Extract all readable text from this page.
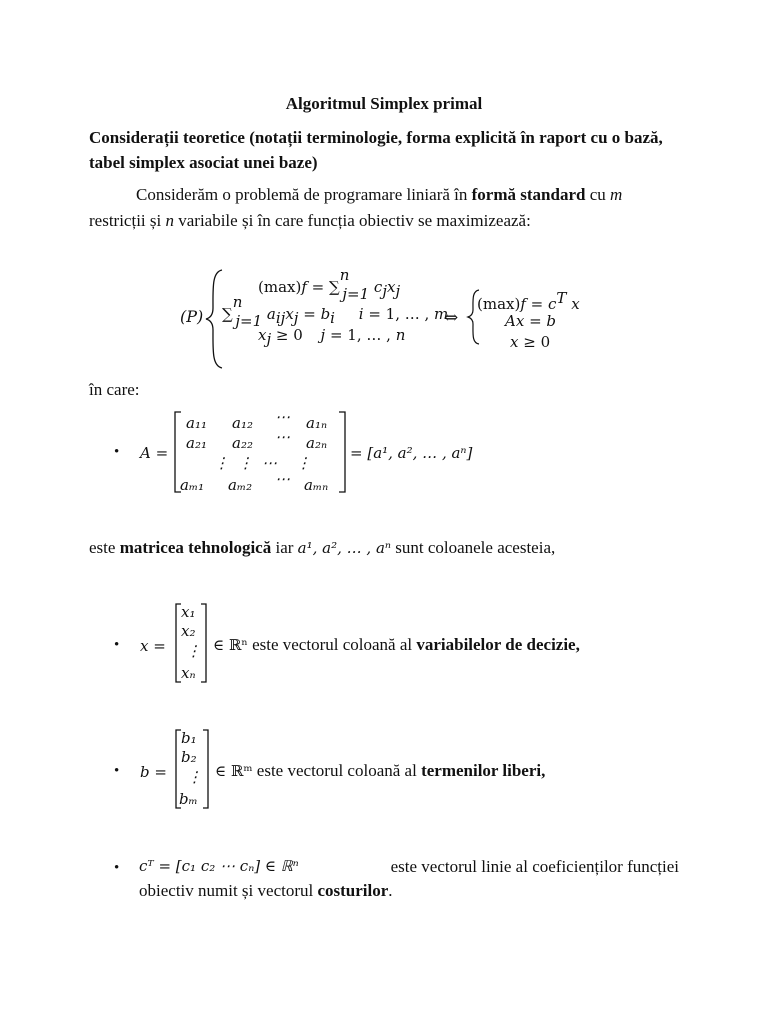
Algoritmul Simplex primal
Considerații teoretice (notații terminologie, forma explicită în raport cu o bază, tabel simplex asociat unei baze)
Considerăm o problemă de programare liniară în formă standard cu m
restricții și n variabile și în care funcția obiectiv se maximizează:
(P)
(max)f = ∑$^n_{j=1}$ $c_jx_j$
∑$^n_{j=1}$ $a_{ij}x_j = b_i$ i = 1, … , m
$x_j \ge 0$ j = 1, … , n
⇔
$(\max)f = c^T$ x
Ax = b
x ≥ 0
în care:
• A =
a₁₁ a₁₂ ⋯ a₁ₙ
a₂₁ a₂₂ ⋯ a₂ₙ
⋮ ⋮ ⋯ ⋮
aₘ₁ aₘ₂ ⋯ aₘₙ
= [a¹, a², … , aⁿ]
este matricea tehnologică iar a¹, a², … , aⁿ sunt coloanele acesteia,
• x =
x₁
x₂
⋮
xₙ
∈ ℝⁿ este vectorul coloană al variabilelor de decizie,
• b =
b₁
b₂
⋮
bₘ
∈ ℝᵐ este vectorul coloană al termenilor liberi,
• cᵀ = [c₁ c₂ ⋯ cₙ] ∈ ℝⁿ	este vectorul linie al coeficienților funcției
obiectiv numit și vectorul costurilor.
